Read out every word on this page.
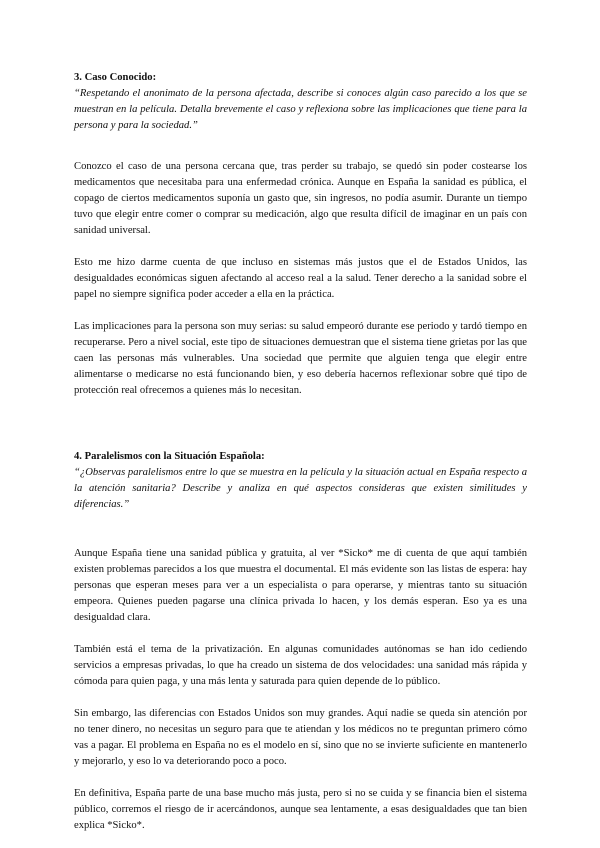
3. Caso Conocido:

“Respetando el anonimato de la persona afectada, describe si conoces algún caso parecido a los que se muestran en la película. Detalla brevemente el caso y reflexiona sobre las implicaciones que tiene para la persona y para la sociedad.”

Conozco el caso de una persona cercana que, tras perder su trabajo, se quedó sin poder costearse los medicamentos que necesitaba para una enfermedad crónica. Aunque en España la sanidad es pública, el copago de ciertos medicamentos suponía un gasto que, sin ingresos, no podía asumir. Durante un tiempo tuvo que elegir entre comer o comprar su medicación, algo que resulta difícil de imaginar en un país con sanidad universal.

Esto me hizo darme cuenta de que incluso en sistemas más justos que el de Estados Unidos, las desigualdades económicas siguen afectando al acceso real a la salud. Tener derecho a la sanidad sobre el papel no siempre significa poder acceder a ella en la práctica.

Las implicaciones para la persona son muy serias: su salud empeoró durante ese periodo y tardó tiempo en recuperarse. Pero a nivel social, este tipo de situaciones demuestran que el sistema tiene grietas por las que caen las personas más vulnerables. Una sociedad que permite que alguien tenga que elegir entre alimentarse o medicarse no está funcionando bien, y eso debería hacernos reflexionar sobre qué tipo de protección real ofrecemos a quienes más lo necesitan.

4. Paralelismos con la Situación Española:

“¿Observas paralelismos entre lo que se muestra en la película y la situación actual en España respecto a la atención sanitaria? Describe y analiza en qué aspectos consideras que existen similitudes y diferencias.”

Aunque España tiene una sanidad pública y gratuita, al ver *Sicko* me di cuenta de que aquí también existen problemas parecidos a los que muestra el documental. El más evidente son las listas de espera: hay personas que esperan meses para ver a un especialista o para operarse, y mientras tanto su situación empeora. Quienes pueden pagarse una clínica privada lo hacen, y los demás esperan. Eso ya es una desigualdad clara.

También está el tema de la privatización. En algunas comunidades autónomas se han ido cediendo servicios a empresas privadas, lo que ha creado un sistema de dos velocidades: una sanidad más rápida y cómoda para quien paga, y una más lenta y saturada para quien depende de lo público.

Sin embargo, las diferencias con Estados Unidos son muy grandes. Aquí nadie se queda sin atención por no tener dinero, no necesitas un seguro para que te atiendan y los médicos no te preguntan primero cómo vas a pagar. El problema en España no es el modelo en sí, sino que no se invierte suficiente en mantenerlo y mejorarlo, y eso lo va deteriorando poco a poco.

En definitiva, España parte de una base mucho más justa, pero si no se cuida y se financia bien el sistema público, corremos el riesgo de ir acercándonos, aunque sea lentamente, a esas desigualdades que tan bien explica *Sicko*.
